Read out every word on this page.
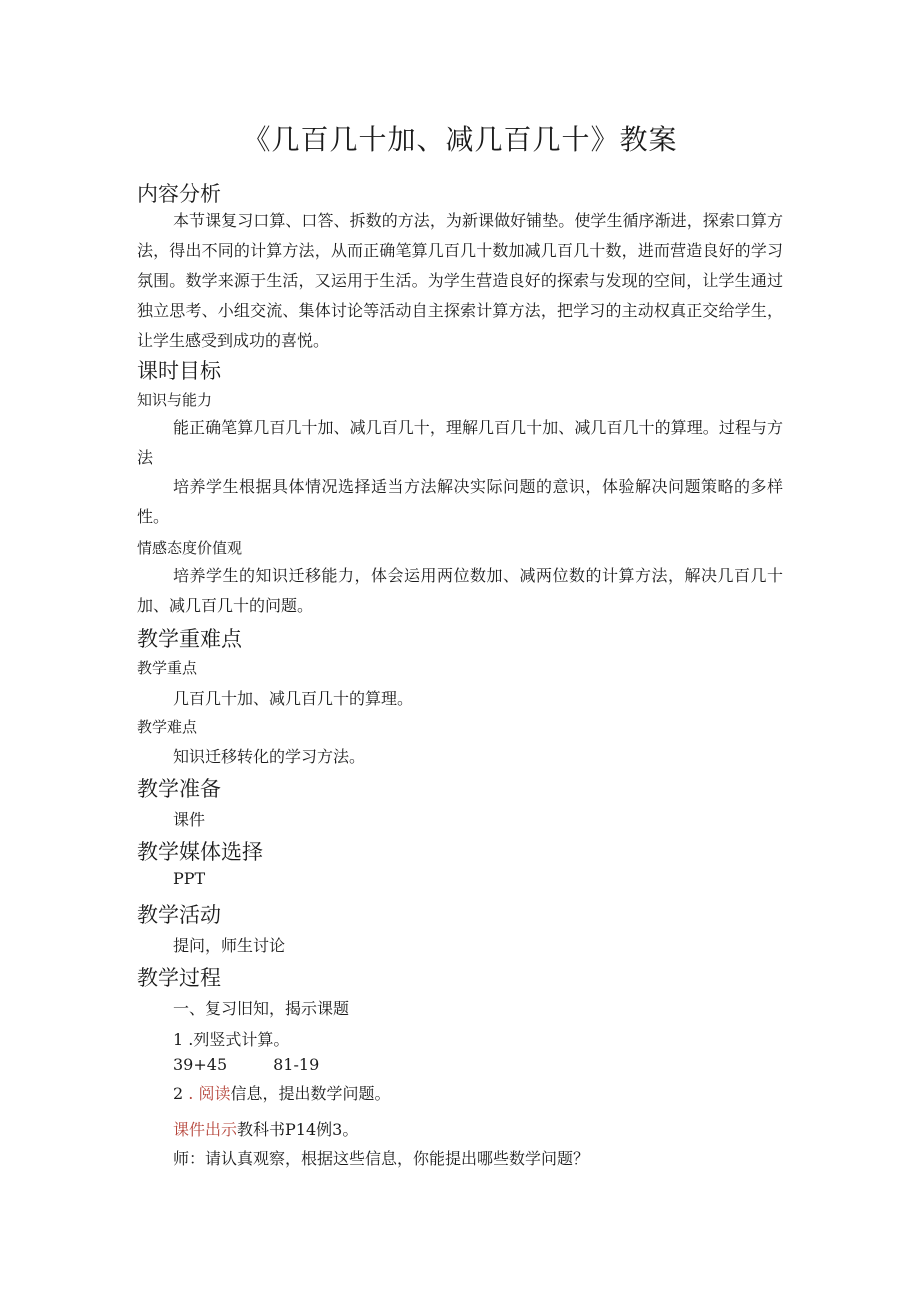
《几百几十加、减几百几十》教案
内容分析

本节课复习口算、口答、拆数的方法，为新课做好铺垫。使学生循序渐进，探索口算方法，得出不同的计算方法，从而正确笔算几百几十数加减几百几十数，进而营造良好的学习氛围。数学来源于生活，又运用于生活。为学生营造良好的探索与发现的空间，让学生通过独立思考、小组交流、集体讨论等活动自主探索计算方法，把学习的主动权真正交给学生，让学生感受到成功的喜悦。

课时目标
知识与能力

能正确笔算几百几十加、减几百几十，理解几百几十加、减几百几十的算理。过程与方法

培养学生根据具体情况选择适当方法解决实际问题的意识，体验解决问题策略的多样性。

情感态度价值观

培养学生的知识迁移能力，体会运用两位数加、减两位数的计算方法，解决几百几十加、减几百几十的问题。

教学重难点
教学重点

几百几十加、减几百几十的算理。

教学难点

知识迁移转化的学习方法。

教学准备

课件

教学媒体选择

PPT

教学活动

提问，师生讨论

教学过程

一、复习旧知，揭示课题

1 .列竖式计算。

39+45	81-19

2 . 阅读信息，提出数学问题。

课件出示教科书P14例3。

师：请认真观察，根据这些信息，你能提出哪些数学问题？
